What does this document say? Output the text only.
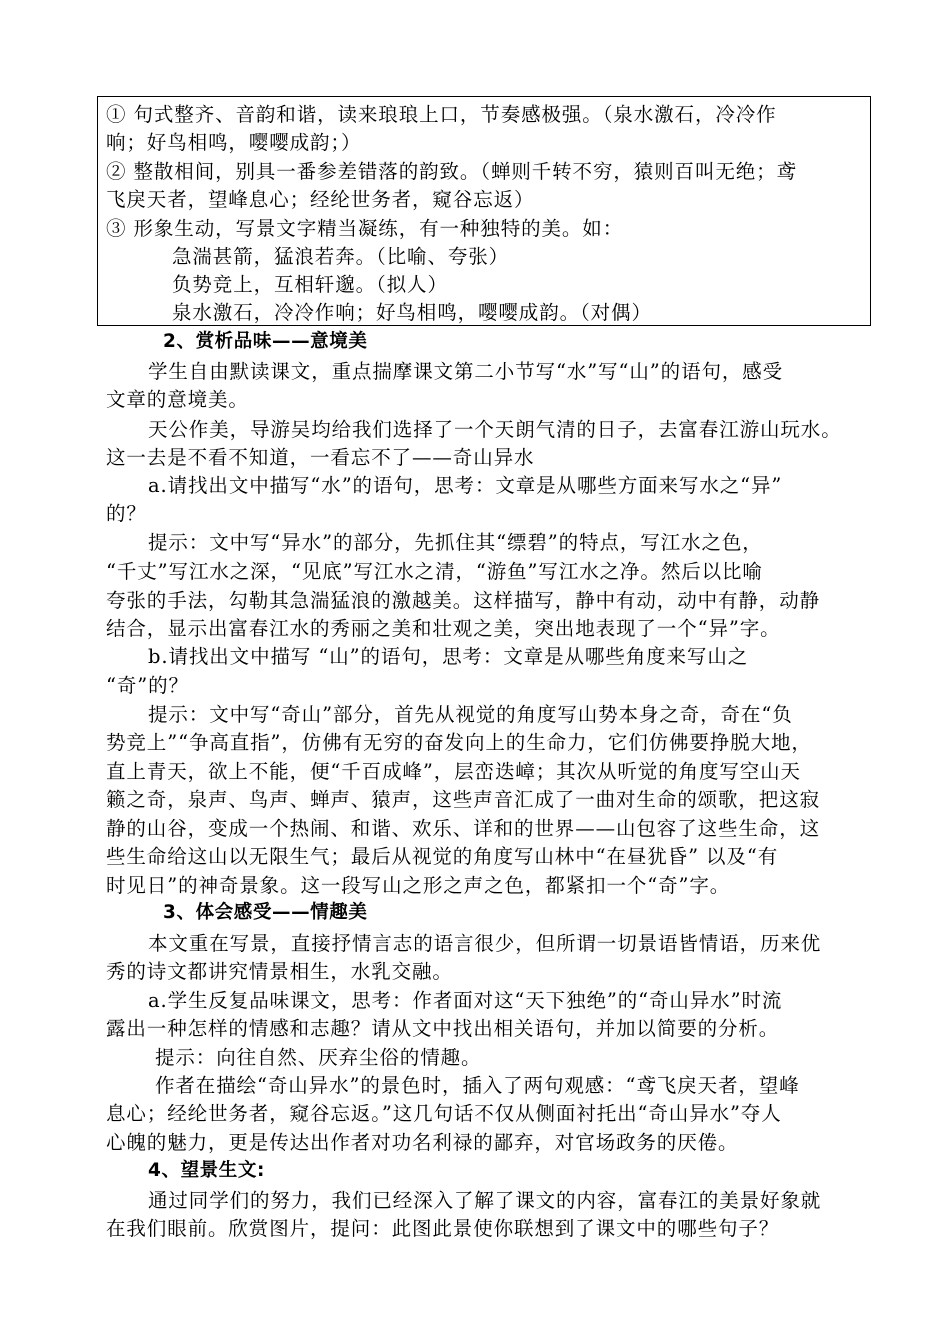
① 句式整齐、音韵和谐，读来琅琅上口，节奏感极强。（泉水激石，冷冷作
响；好鸟相鸣，嘤嘤成韵；）
② 整散相间，别具一番参差错落的韵致。（蝉则千转不穷，猿则百叫无绝；鸢
飞戾天者，望峰息心；经纶世务者，窥谷忘返）
③ 形象生动，写景文字精当凝练，有一种独特的美。如：
急湍甚箭，猛浪若奔。（比喻、夸张）
负势竞上，互相轩邈。（拟人）
泉水激石，冷冷作响；好鸟相鸣，嘤嘤成韵。（对偶）
2、赏析品味——意境美
学生自由默读课文，重点揣摩课文第二小节写“水”写“山”的语句，感受
文章的意境美。
天公作美，导游吴均给我们选择了一个天朗气清的日子，去富春江游山玩水。
这一去是不看不知道，一看忘不了——奇山异水
a.请找出文中描写“水”的语句，思考：文章是从哪些方面来写水之“异”
的？
提示：文中写“异水”的部分，先抓住其“缥碧”的特点，写江水之色，
“千丈”写江水之深，“见底”写江水之清，“游鱼”写江水之净。然后以比喻
夸张的手法，勾勒其急湍猛浪的激越美。这样描写，静中有动，动中有静，动静
结合，显示出富春江水的秀丽之美和壮观之美，突出地表现了一个“异”字。
b.请找出文中描写 “山”的语句，思考：文章是从哪些角度来写山之
“奇”的？
提示：文中写“奇山”部分，首先从视觉的角度写山势本身之奇，奇在“负
势竞上”“争高直指”，仿佛有无穷的奋发向上的生命力，它们仿佛要挣脱大地，
直上青天，欲上不能，便“千百成峰”，层峦迭嶂；其次从听觉的角度写空山天
籁之奇，泉声、鸟声、蝉声、猿声，这些声音汇成了一曲对生命的颂歌，把这寂
静的山谷，变成一个热闹、和谐、欢乐、详和的世界——山包容了这些生命，这
些生命给这山以无限生气；最后从视觉的角度写山林中“在昼犹昏” 以及“有
时见日”的神奇景象。这一段写山之形之声之色，都紧扣一个“奇”字。
3、体会感受——情趣美
本文重在写景，直接抒情言志的语言很少，但所谓一切景语皆情语，历来优
秀的诗文都讲究情景相生，水乳交融。
a.学生反复品味课文，思考：作者面对这“天下独绝”的“奇山异水”时流
露出一种怎样的情感和志趣？请从文中找出相关语句，并加以简要的分析。
提示：向往自然、厌弃尘俗的情趣。
作者在描绘“奇山异水”的景色时，插入了两句观感：“鸢飞戾天者，望峰
息心；经纶世务者，窥谷忘返。”这几句话不仅从侧面衬托出“奇山异水”夺人
心魄的魅力，更是传达出作者对功名利禄的鄙弃，对官场政务的厌倦。
4、望景生文:
通过同学们的努力，我们已经深入了解了课文的内容，富春江的美景好象就
在我们眼前。欣赏图片，提问：此图此景使你联想到了课文中的哪些句子？
